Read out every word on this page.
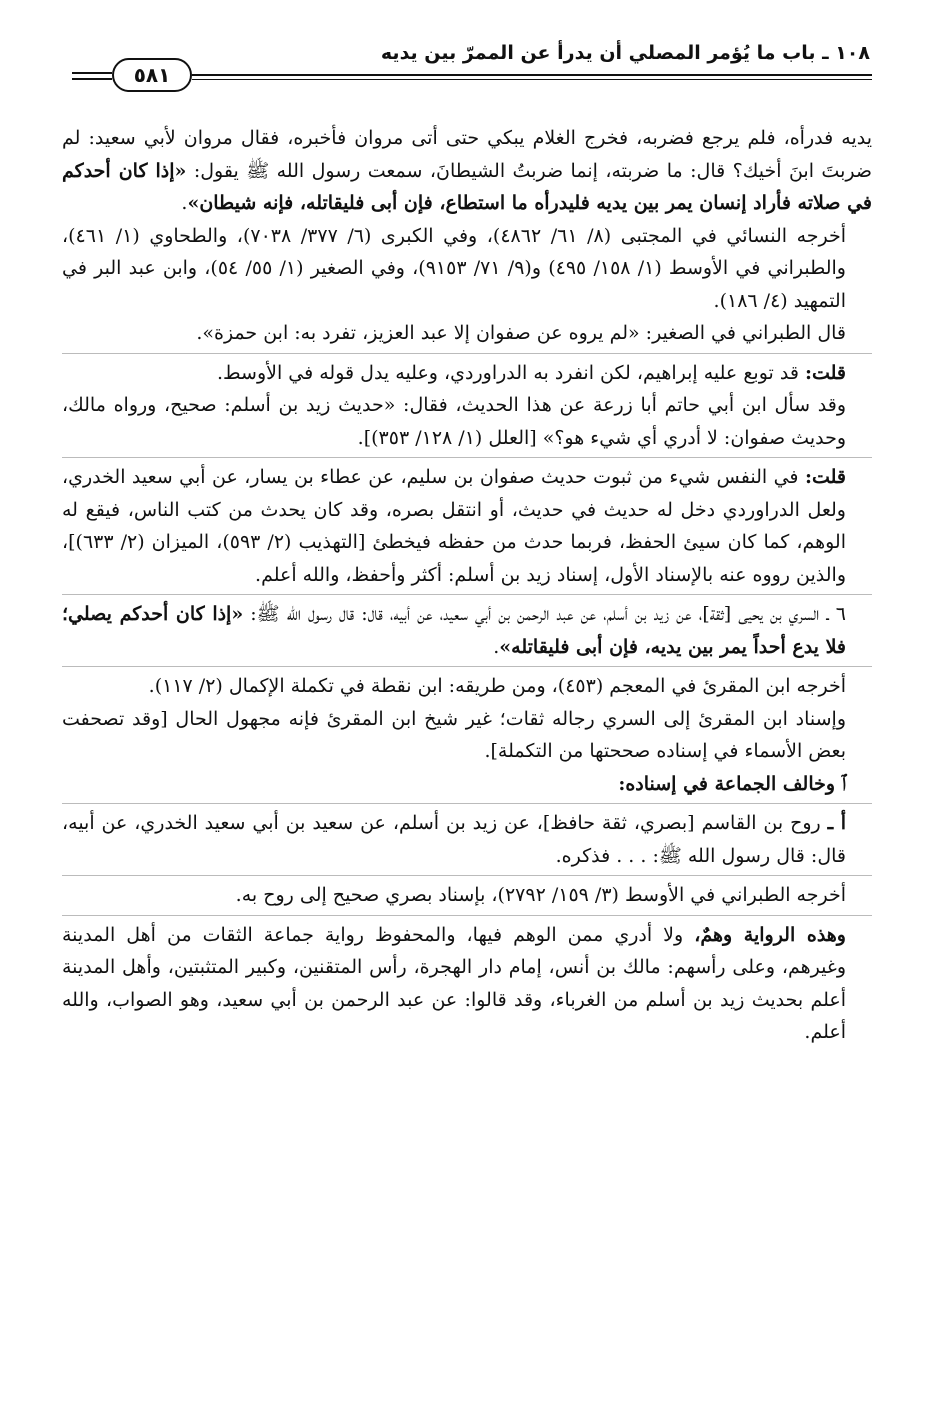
١٠٨ ـ باب ما يُؤمر المصلي أن يدرأ عن الممرّ بين يديه
٥٨١

يديه فدرأه، فلم يرجع فضربه، فخرج الغلام يبكي حتى أتى مروان فأخبره، فقال مروان لأبي سعيد: لم ضربتَ ابنَ أخيك؟ قال: ما ضربته، إنما ضربتُ الشيطانَ، سمعت رسول الله ﷺ يقول: «إذا كان أحدكم في صلاته فأراد إنسان يمر بين يديه فليدرأه ما استطاع، فإن أبى فليقاتله، فإنه شيطان».

أخرجه النسائي في المجتبى (٨/ ٦١/ ٤٨٦٢)، وفي الكبرى (٦/ ٣٧٧/ ٧٠٣٨)، والطحاوي (١/ ٤٦١)، والطبراني في الأوسط (١/ ١٥٨/ ٤٩٥) و(٩/ ٧١/ ٩١٥٣)، وفي الصغير (١/ ٥٥/ ٥٤)، وابن عبد البر في التمهيد (٤/ ١٨٦).

قال الطبراني في الصغير: «لم يروه عن صفوان إلا عبد العزيز، تفرد به: ابن حمزة».

قلت: قد توبع عليه إبراهيم، لكن انفرد به الدراوردي، وعليه يدل قوله في الأوسط.

وقد سأل ابن أبي حاتم أبا زرعة عن هذا الحديث، فقال: «حديث زيد بن أسلم: صحيح، ورواه مالك، وحديث صفوان: لا أدري أي شيء هو؟» [العلل (١/ ١٢٨/ ٣٥٣)].

قلت: في النفس شيء من ثبوت حديث صفوان بن سليم، عن عطاء بن يسار، عن أبي سعيد الخدري، ولعل الدراوردي دخل له حديث في حديث، أو انتقل بصره، وقد كان يحدث من كتب الناس، فيقع له الوهم، كما كان سيئ الحفظ، فربما حدث من حفظه فيخطئ [التهذيب (٢/ ٥٩٣)، الميزان (٢/ ٦٣٣)]، والذين رووه عنه بالإسناد الأول، إسناد زيد بن أسلم: أكثر وأحفظ، والله أعلم.

٦ ـ السري بن يحيى [ثقة]، عن زيد بن أسلم، عن عبد الرحمن بن أبي سعيد، عن أبيه، قال: قال رسول الله ﷺ: «إذا كان أحدكم يصلي؛ فلا يدع أحداً يمر بين يديه، فإن أبى فليقاتله».

أخرجه ابن المقرئ في المعجم (٤٥٣)، ومن طريقه: ابن نقطة في تكملة الإكمال (٢/ ١١٧).

وإسناد ابن المقرئ إلى السري رجاله ثقات؛ غير شيخ ابن المقرئ فإنه مجهول الحال [وقد تصحفت بعض الأسماء في إسناده صححتها من التكملة].

ﭐ وخالف الجماعة في إسناده:

أ ـ روح بن القاسم [بصري، ثقة حافظ]، عن زيد بن أسلم، عن سعيد بن أبي سعيد الخدري، عن أبيه، قال: قال رسول الله ﷺ: . . . فذكره.

أخرجه الطبراني في الأوسط (٣/ ١٥٩/ ٢٧٩٢)، بإسناد بصري صحيح إلى روح به.

وهذه الرواية وهمٌ، ولا أدري ممن الوهم فيها، والمحفوظ رواية جماعة الثقات من أهل المدينة وغيرهم، وعلى رأسهم: مالك بن أنس، إمام دار الهجرة، رأس المتقنين، وكبير المتثبتين، وأهل المدينة أعلم بحديث زيد بن أسلم من الغرباء، وقد قالوا: عن عبد الرحمن بن أبي سعيد، وهو الصواب، والله أعلم.
